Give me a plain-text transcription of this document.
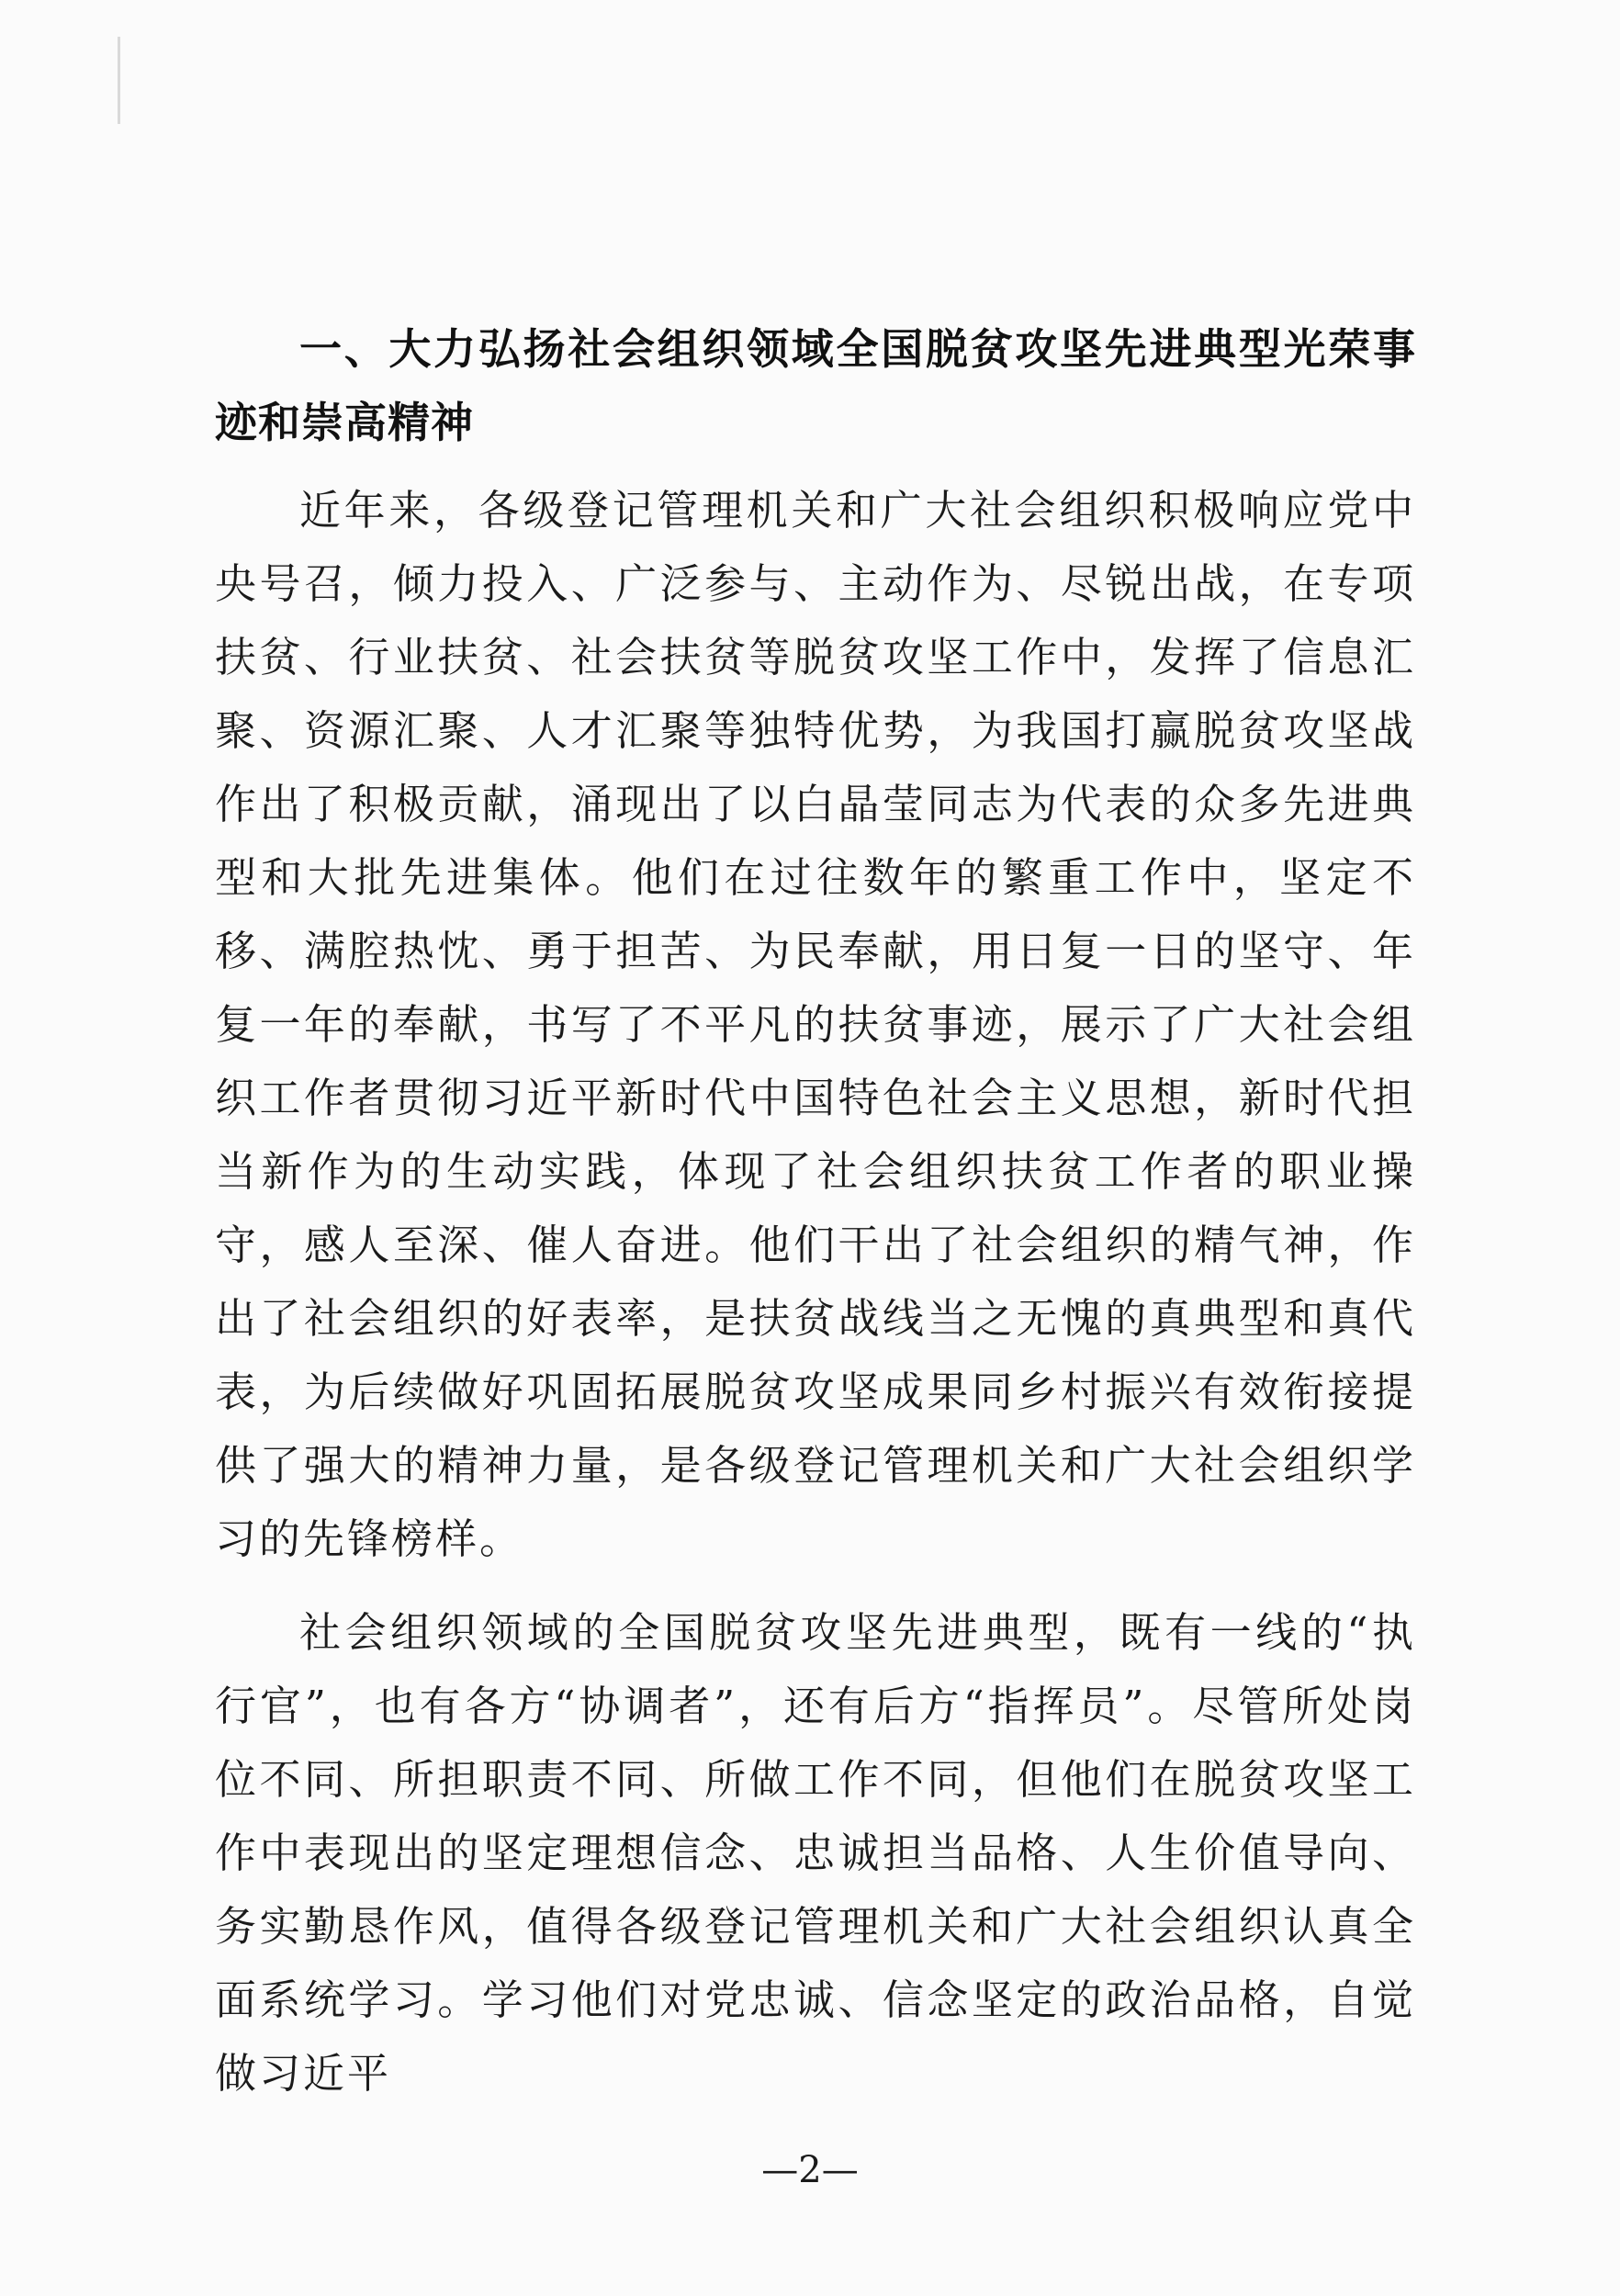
一、大力弘扬社会组织领域全国脱贫攻坚先进典型光荣事迹和崇高精神

近年来，各级登记管理机关和广大社会组织积极响应党中央号召，倾力投入、广泛参与、主动作为、尽锐出战，在专项扶贫、行业扶贫、社会扶贫等脱贫攻坚工作中，发挥了信息汇聚、资源汇聚、人才汇聚等独特优势，为我国打赢脱贫攻坚战作出了积极贡献，涌现出了以白晶莹同志为代表的众多先进典型和大批先进集体。他们在过往数年的繁重工作中，坚定不移、满腔热忱、勇于担苦、为民奉献，用日复一日的坚守、年复一年的奉献，书写了不平凡的扶贫事迹，展示了广大社会组织工作者贯彻习近平新时代中国特色社会主义思想，新时代担当新作为的生动实践，体现了社会组织扶贫工作者的职业操守，感人至深、催人奋进。他们干出了社会组织的精气神，作出了社会组织的好表率，是扶贫战线当之无愧的真典型和真代表，为后续做好巩固拓展脱贫攻坚成果同乡村振兴有效衔接提供了强大的精神力量，是各级登记管理机关和广大社会组织学习的先锋榜样。

社会组织领域的全国脱贫攻坚先进典型，既有一线的“执行官”，也有各方“协调者”，还有后方“指挥员”。尽管所处岗位不同、所担职责不同、所做工作不同，但他们在脱贫攻坚工作中表现出的坚定理想信念、忠诚担当品格、人生价值导向、务实勤恳作风，值得各级登记管理机关和广大社会组织认真全面系统学习。学习他们对党忠诚、信念坚定的政治品格，自觉做习近平

—2—
